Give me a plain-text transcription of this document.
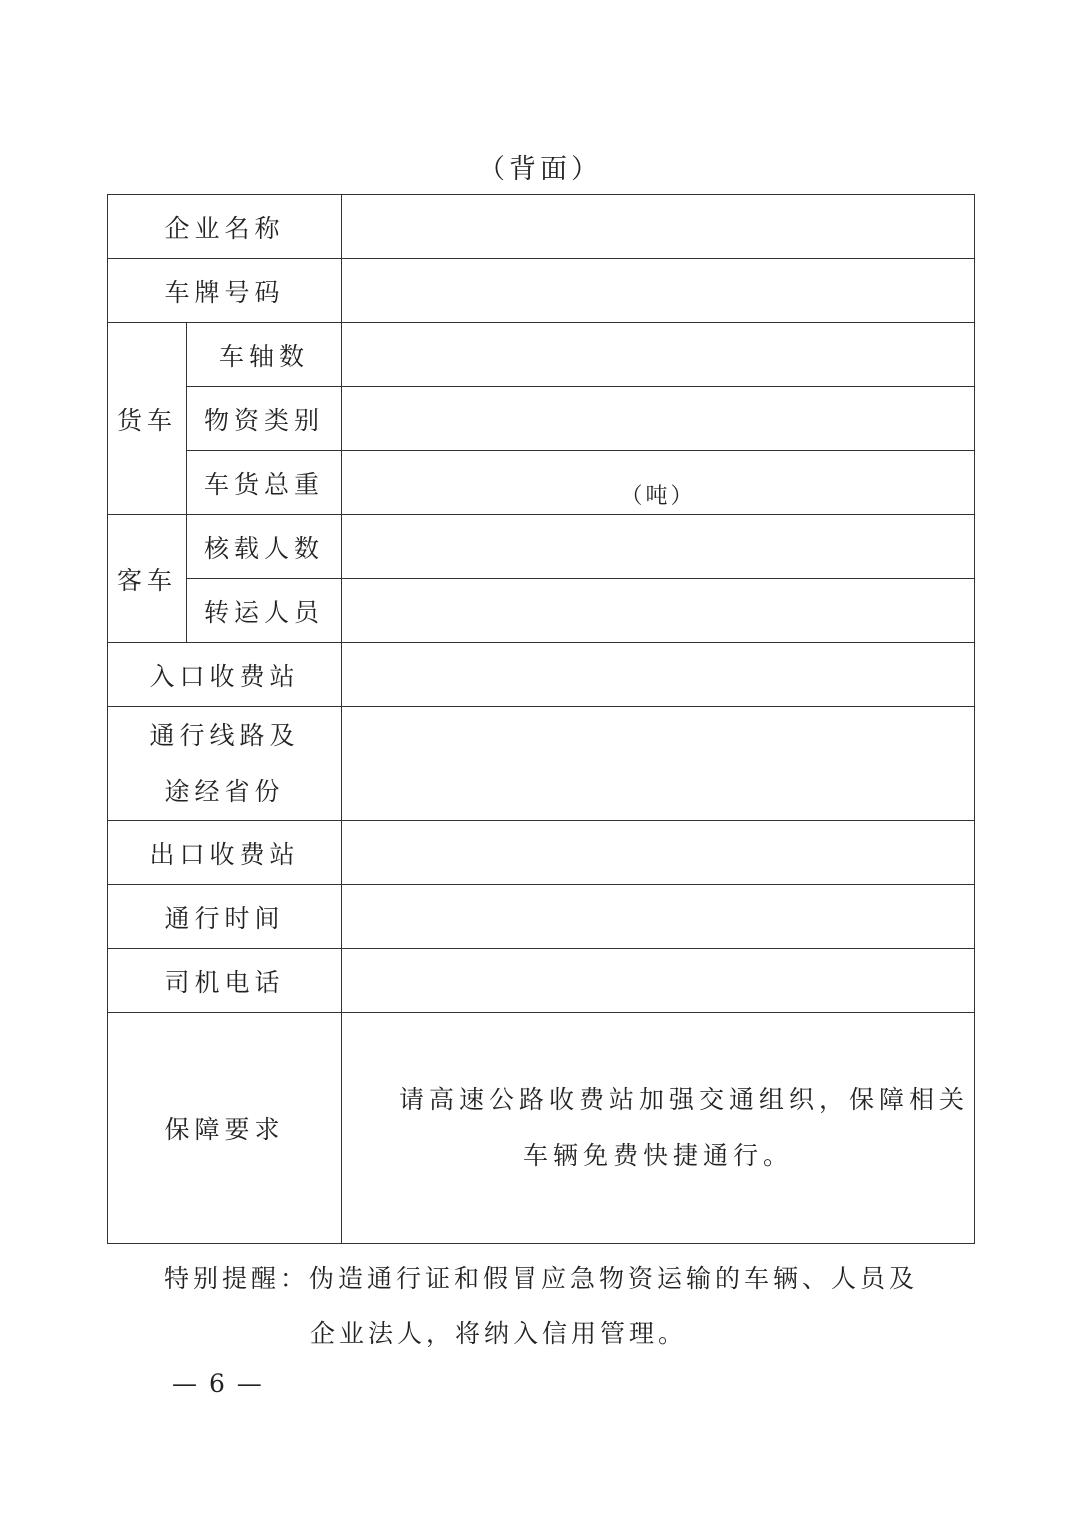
（背面）
企业名称		
车牌号码		
货车	车轴数	
	物资类别	
	车货总重	（吨）

客车	核载人数	
	转运人员	
入口收费站		

通行线路及
途经省份		

出口收费站		
通行时间		
司机电话		
保障要求		请高速公路收费站加强交通组织，保障相关车辆免费快捷通行。
特别提醒：伪造通行证和假冒应急物资运输的车辆、人员及
企业法人，将纳入信用管理。
— 6 —
